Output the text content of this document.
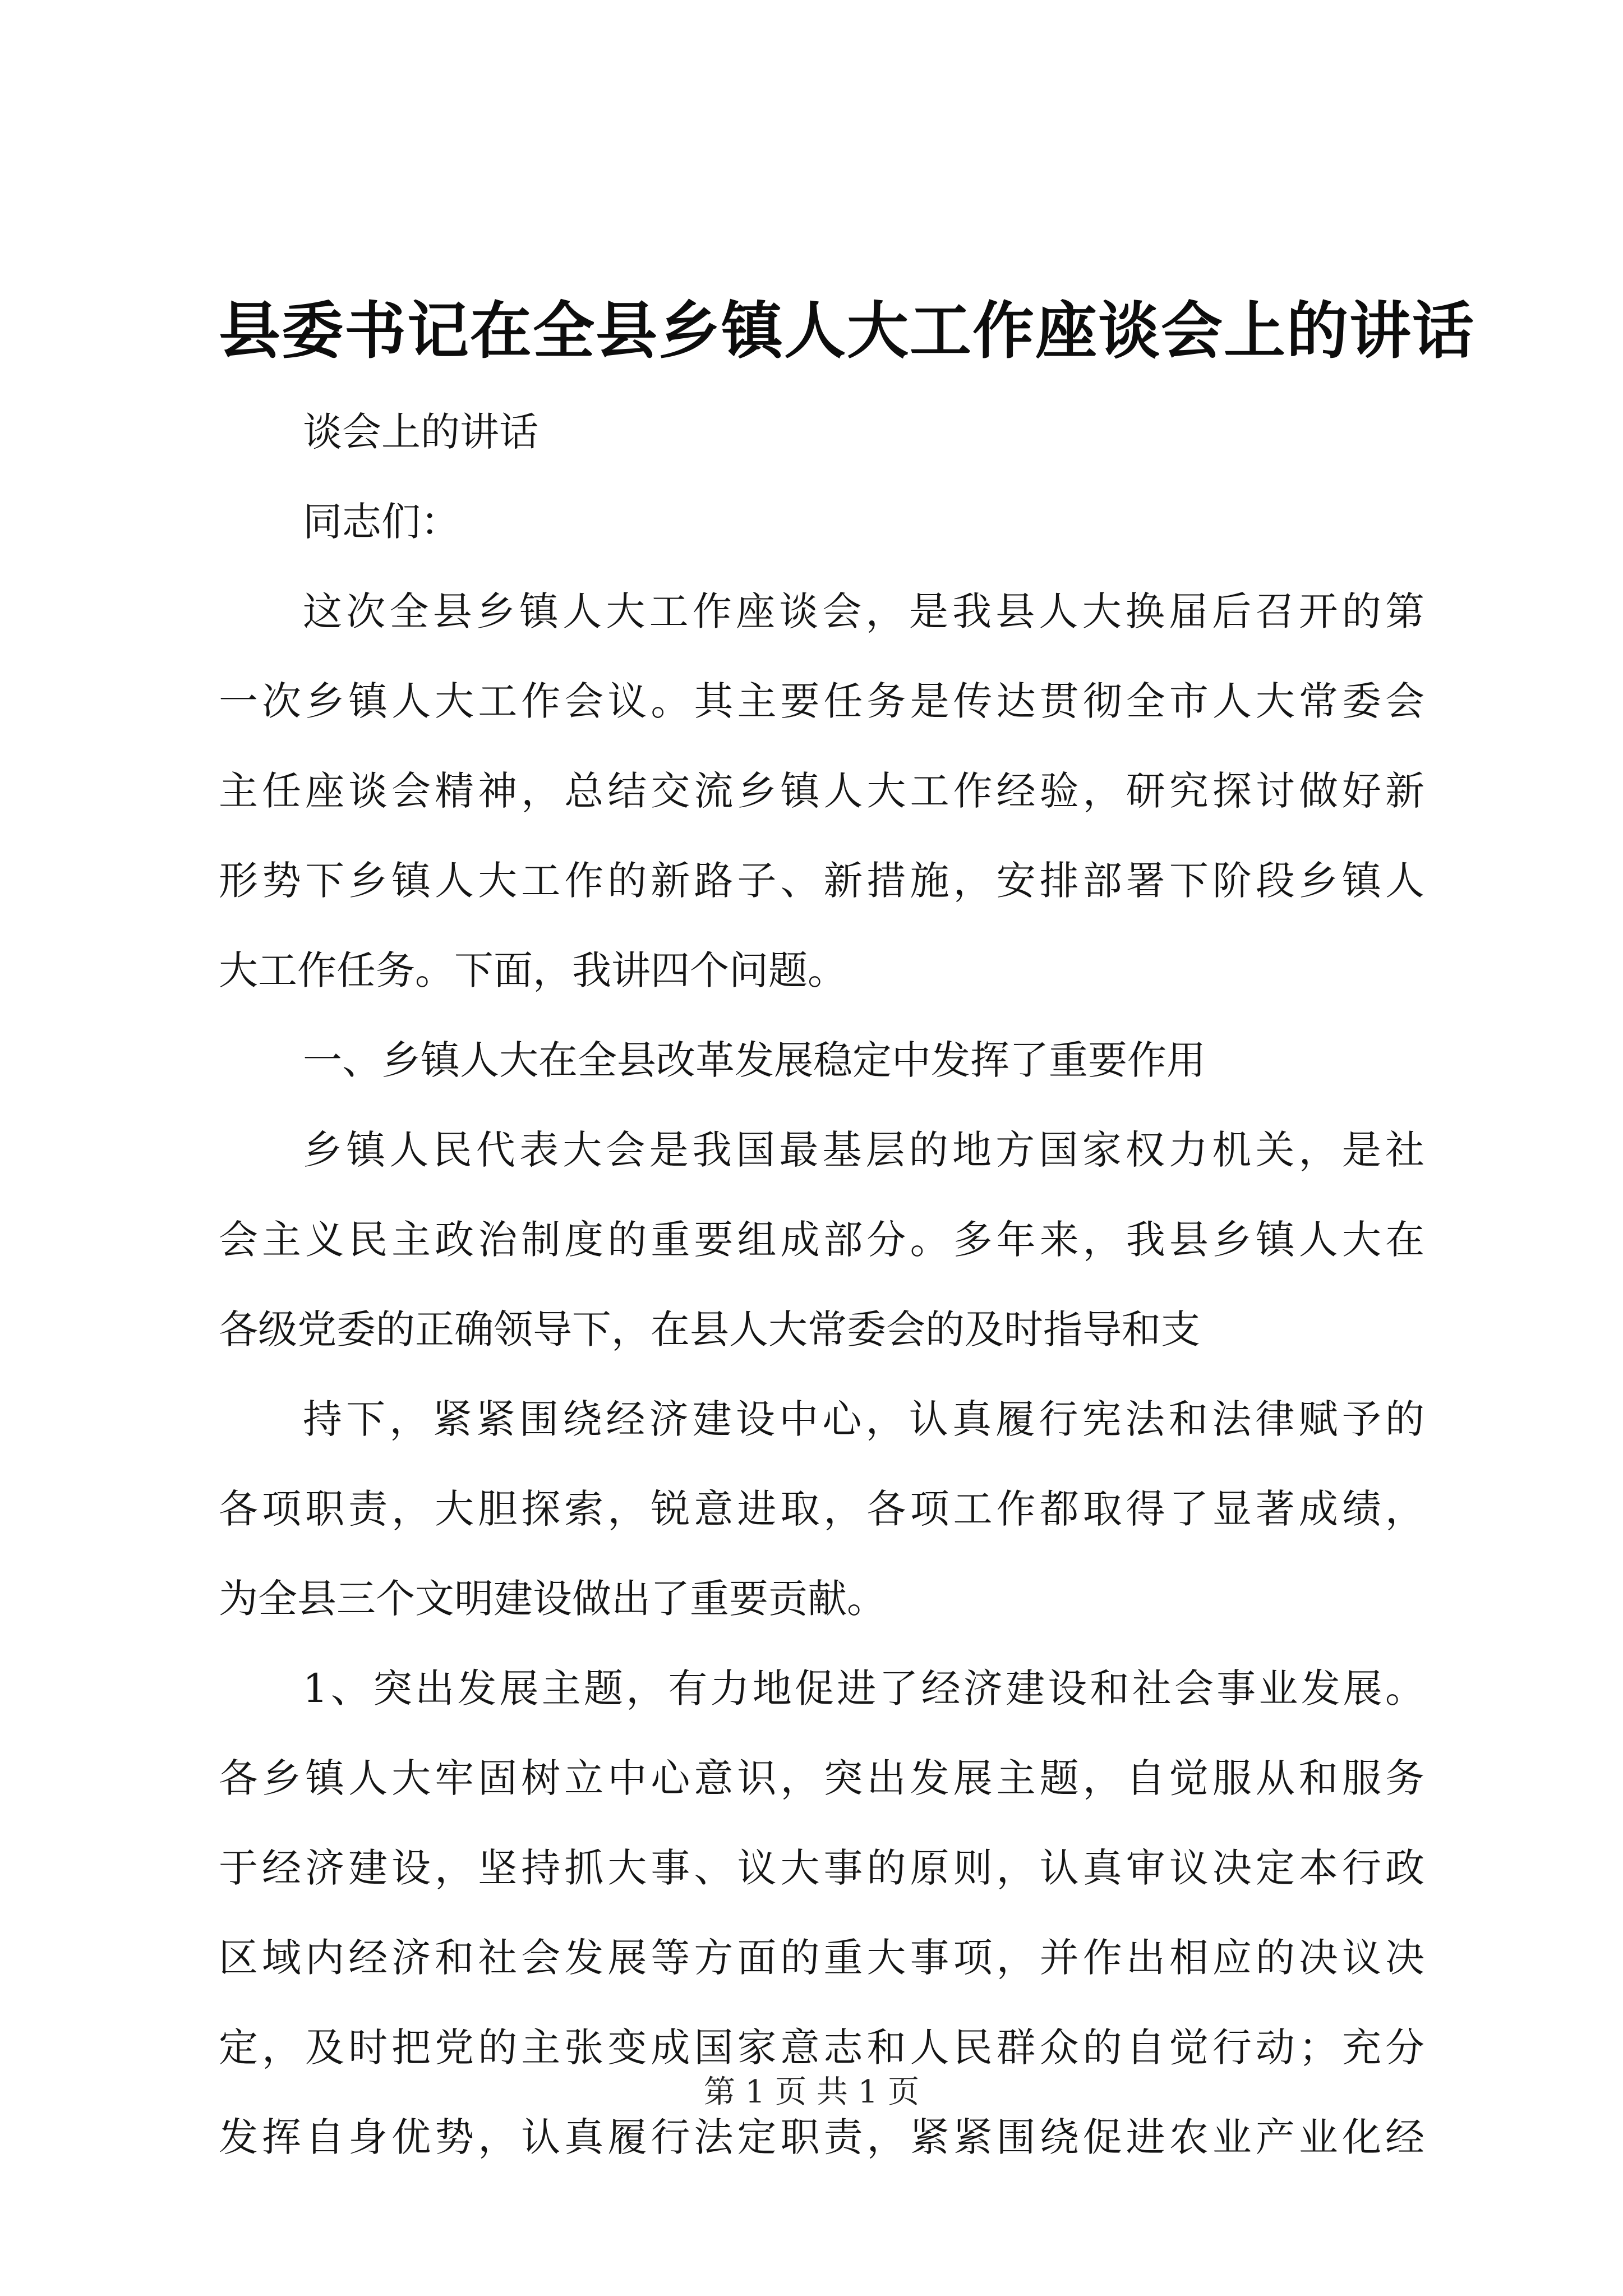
县委书记在全县乡镇人大工作座谈会上的讲话
谈会上的讲话
同志们：
这次全县乡镇人大工作座谈会，是我县人大换届后召开的第
一次乡镇人大工作会议。其主要任务是传达贯彻全市人大常委会
主任座谈会精神，总结交流乡镇人大工作经验，研究探讨做好新
形势下乡镇人大工作的新路子、新措施，安排部署下阶段乡镇人
大工作任务。下面，我讲四个问题。
一、乡镇人大在全县改革发展稳定中发挥了重要作用
乡镇人民代表大会是我国最基层的地方国家权力机关，是社
会主义民主政治制度的重要组成部分。多年来，我县乡镇人大在
各级党委的正确领导下，在县人大常委会的及时指导和支
持下，紧紧围绕经济建设中心，认真履行宪法和法律赋予的
各项职责，大胆探索，锐意进取，各项工作都取得了显著成绩，
为全县三个文明建设做出了重要贡献。
1、突出发展主题，有力地促进了经济建设和社会事业发展。
各乡镇人大牢固树立中心意识，突出发展主题，自觉服从和服务
于经济建设，坚持抓大事、议大事的原则，认真审议决定本行政
区域内经济和社会发展等方面的重大事项，并作出相应的决议决
定，及时把党的主张变成国家意志和人民群众的自觉行动；充分
发挥自身优势，认真履行法定职责，紧紧围绕促进农业产业化经
第 1 页 共 1 页
